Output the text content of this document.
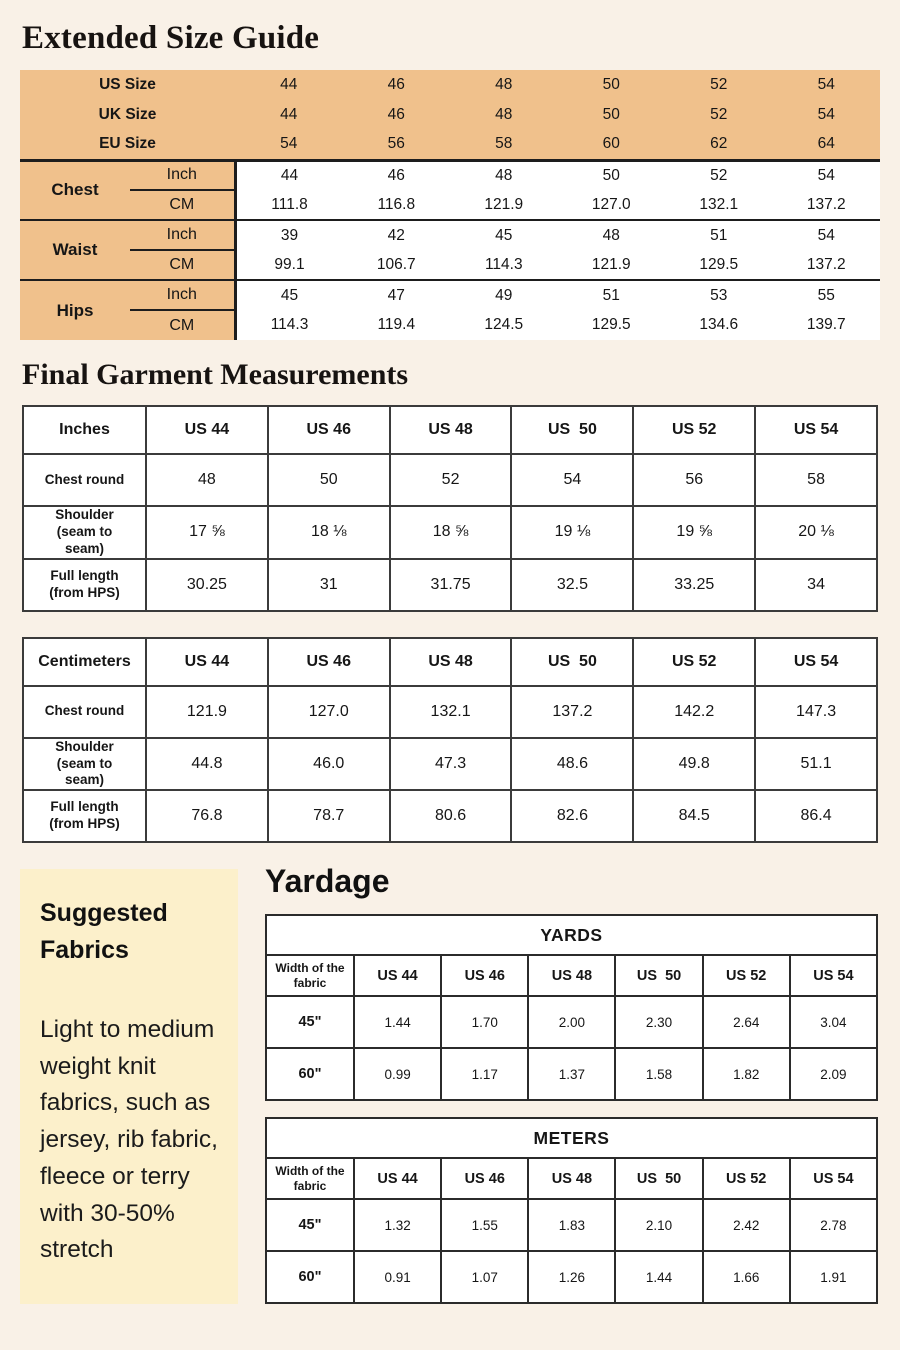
Extended Size Guide
US Size		44	46	48	50	52	54
UK Size		44	46	48	50	52	54
EU Size		54	56	58	60	62	64
Chest	Inch	44	46	48	50	52	54
	CM	111.8	116.8	121.9	127.0	132.1	137.2
Waist	Inch	39	42	45	48	51	54
	CM	99.1	106.7	114.3	121.9	129.5	137.2
Hips	Inch	45	47	49	51	53	55
	CM	114.3	119.4	124.5	129.5	134.6	139.7
Final Garment Measurements
Inches	US 44	US 46	US 48	US  50	US 52	US 54
Chest round	48	50	52	54	56	58
Shoulder (seam to seam)	17 ⅝	18 ⅛	18 ⅝	19 ⅛	19 ⅝	20 ⅛
Full length (from HPS)	30.25	31	31.75	32.5	33.25	34
Centimeters	US 44	US 46	US 48	US  50	US 52	US 54
Chest round	121.9	127.0	132.1	137.2	142.2	147.3
Shoulder (seam to seam)	44.8	46.0	47.3	48.6	49.8	51.1
Full length (from HPS)	76.8	78.7	80.6	82.6	84.5	86.4
Suggested Fabrics

Light to medium weight knit fabrics, such as jersey, rib fabric, fleece or terry with 30-50% stretch

Yardage
YARDS						
Width of the fabric	US 44	US 46	US 48	US  50	US 52	US 54
45"	1.44	1.70	2.00	2.30	2.64	3.04
60"	0.99	1.17	1.37	1.58	1.82	2.09
METERS						
Width of the fabric	US 44	US 46	US 48	US  50	US 52	US 54
45"	1.32	1.55	1.83	2.10	2.42	2.78
60"	0.91	1.07	1.26	1.44	1.66	1.91
